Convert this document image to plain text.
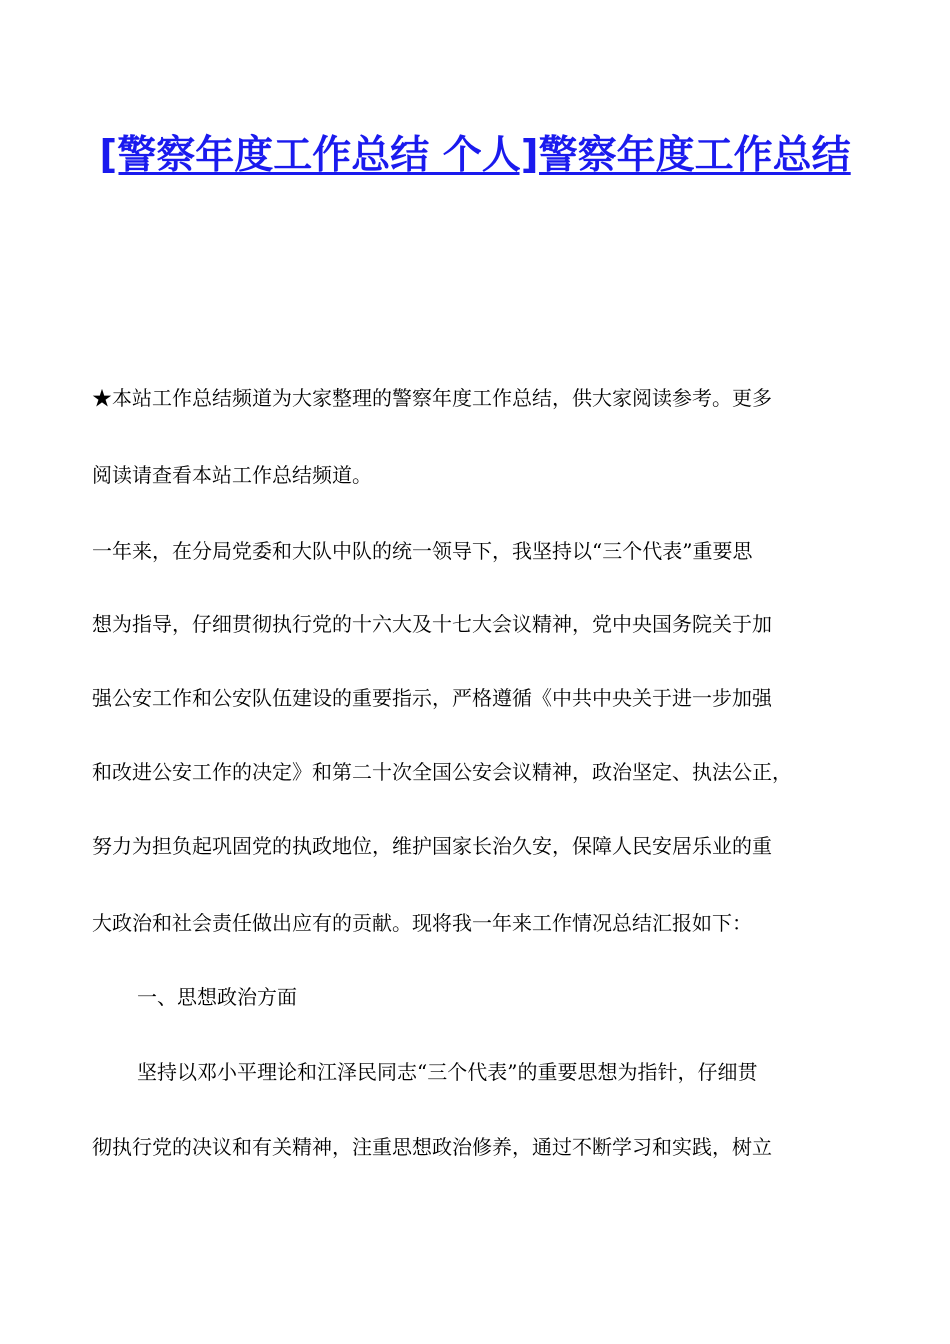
[警察年度工作总结 个人]警察年度工作总结
★本站工作总结频道为大家整理的警察年度工作总结，供大家阅读参考。更多
阅读请查看本站工作总结频道。
一年来，在分局党委和大队中队的统一领导下，我坚持以“三个代表”重要思
想为指导，仔细贯彻执行党的十六大及十七大会议精神，党中央国务院关于加
强公安工作和公安队伍建设的重要指示，严格遵循《中共中央关于进一步加强
和改进公安工作的决定》和第二十次全国公安会议精神，政治坚定、执法公正，
努力为担负起巩固党的执政地位，维护国家长治久安，保障人民安居乐业的重
大政治和社会责任做出应有的贡献。现将我一年来工作情况总结汇报如下：
一、思想政治方面
坚持以邓小平理论和江泽民同志“三个代表”的重要思想为指针，仔细贯
彻执行党的决议和有关精神，注重思想政治修养，通过不断学习和实践，树立
